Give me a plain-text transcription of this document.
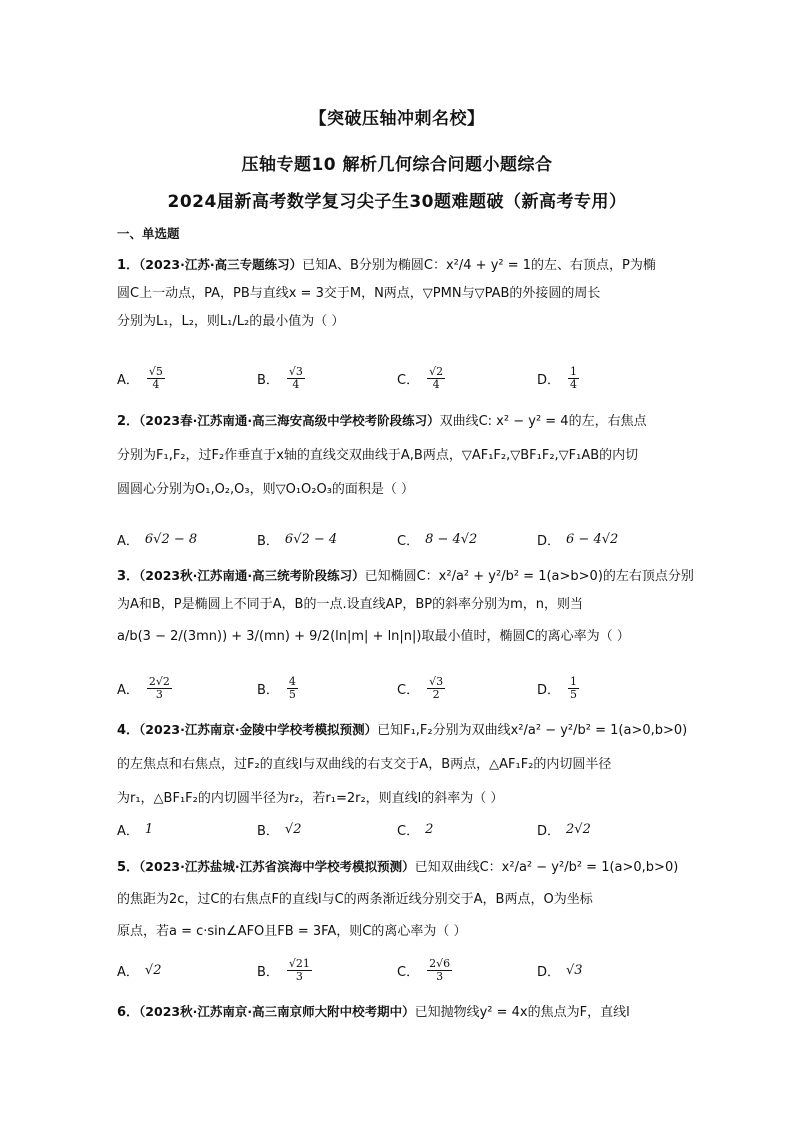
【突破压轴冲刺名校】
压轴专题10 解析几何综合问题小题综合
2024届新高考数学复习尖子生30题难题破（新高考专用）
一、单选题

1．（2023·江苏·高三专题练习）已知A、B分别为椭圆C：x²/4 + y² = 1的左、右顶点，P为椭

圆C上一动点，PA，PB与直线x = 3交于M，N两点，▽PMN与▽PAB的外接圆的周长

分别为L₁，L₂，则L₁/L₂的最小值为（ ）

A． $\frac{√5}{4}$	B． $\frac{√3}{4}$	C． $\frac{√2}{4}$	D． $\frac{1}{4}$

2．（2023春·江苏南通·高三海安高级中学校考阶段练习）双曲线C: x² − y² = 4的左，右焦点

分别为F₁,F₂，过F₂作垂直于x轴的直线交双曲线于A,B两点，▽AF₁F₂,▽BF₁F₂,▽F₁AB的内切

圆圆心分别为O₁,O₂,O₃，则▽O₁O₂O₃的面积是（ ）

A． 6√2 − 8	B． 6√2 − 4	C． 8 − 4√2	D． 6 − 4√2

3．（2023秋·江苏南通·高三统考阶段练习）已知椭圆C：x²/a² + y²/b² = 1(a>b>0)的左右顶点分别

为A和B，P是椭圆上不同于A，B的一点.设直线AP，BP的斜率分别为m，n，则当

a/b(3 − 2/(3mn)) + 3/(mn) + 9/2(ln|m| + ln|n|)取最小值时，椭圆C的离心率为（ ）

A． $\frac{2√2}{3}$	B． $\frac{4}{5}$	C． $\frac{√3}{2}$	D． $\frac{1}{5}$

4．（2023·江苏南京·金陵中学校考模拟预测）已知F₁,F₂分别为双曲线x²/a² − y²/b² = 1(a>0,b>0)

的左焦点和右焦点，过F₂的直线l与双曲线的右支交于A，B两点，△AF₁F₂的内切圆半径

为r₁，△BF₁F₂的内切圆半径为r₂，若r₁=2r₂，则直线l的斜率为（ ）

A． 1	B． √2	C． 2	D． 2√2

5．（2023·江苏盐城·江苏省滨海中学校考模拟预测）已知双曲线C：x²/a² − y²/b² = 1(a>0,b>0)

的焦距为2c，过C的右焦点F的直线l与C的两条渐近线分别交于A，B两点，O为坐标

原点，若a = c·sin∠AFO且FB = 3FA，则C的离心率为（ ）

A． √2	B． $\frac{√21}{3}$	C． $\frac{2√6}{3}$	D． √3

6．（2023秋·江苏南京·高三南京师大附中校考期中）已知抛物线y² = 4x的焦点为F，直线l
